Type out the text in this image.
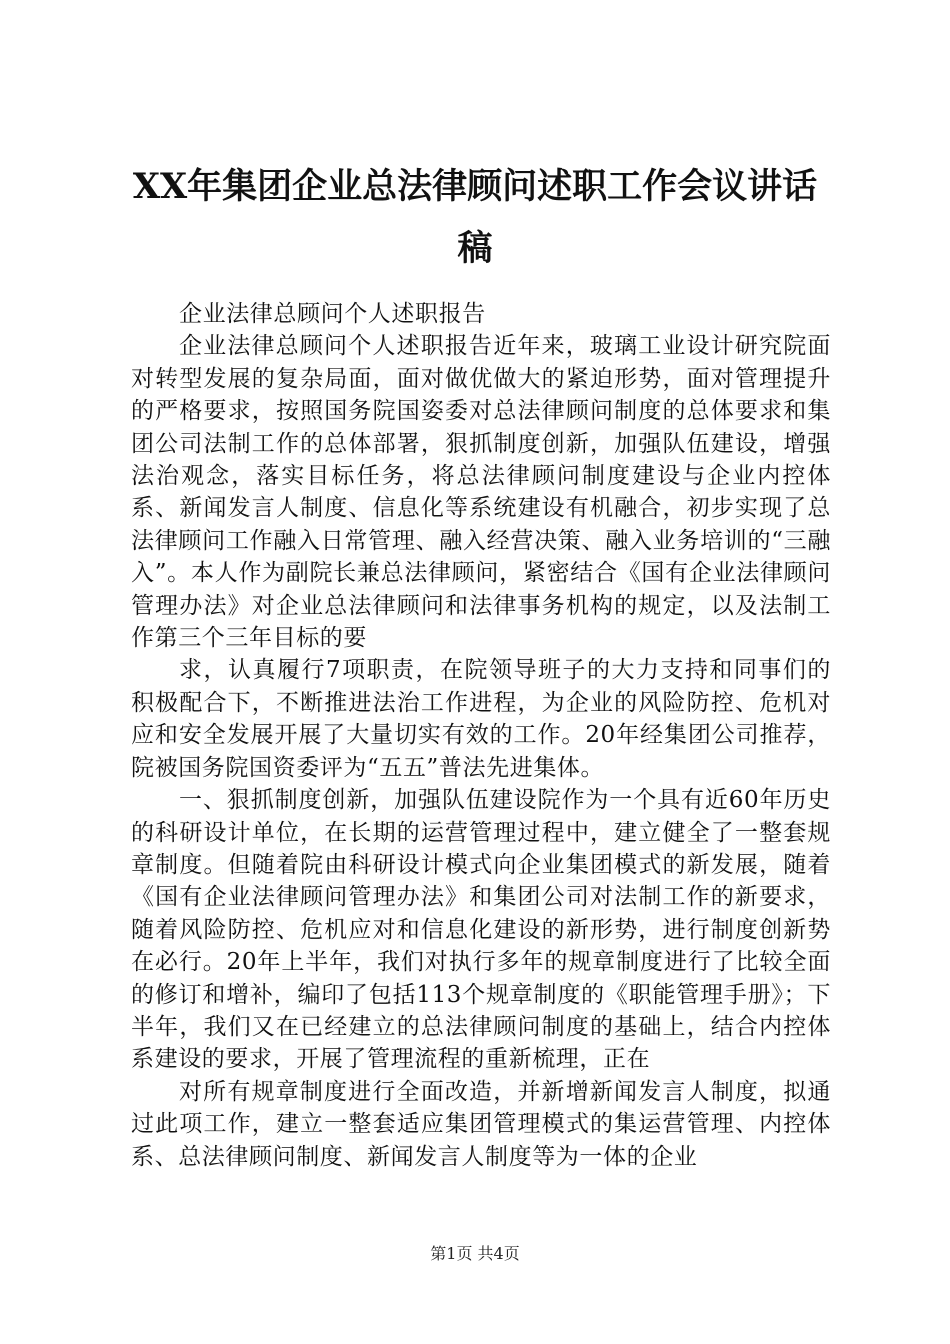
XX年集团企业总法律顾问述职工作会议讲话稿

企业法律总顾问个人述职报告

企业法律总顾问个人述职报告近年来，玻璃工业设计研究院面对转型发展的复杂局面，面对做优做大的紧迫形势，面对管理提升的严格要求，按照国务院国姿委对总法律顾问制度的总体要求和集团公司法制工作的总体部署，狠抓制度创新，加强队伍建设，增强法治观念，落实目标任务，将总法律顾问制度建设与企业内控体系、新闻发言人制度、信息化等系统建设有机融合，初步实现了总法律顾问工作融入日常管理、融入经营决策、融入业务培训的“三融入”。本人作为副院长兼总法律顾问，紧密结合《国有企业法律顾问管理办法》对企业总法律顾问和法律事务机构的规定，以及法制工作第三个三年目标的要

求，认真履行7项职责，在院领导班子的大力支持和同事们的积极配合下，不断推进法治工作进程，为企业的风险防控、危机对应和安全发展开展了大量切实有效的工作。20年经集团公司推荐，院被国务院国资委评为“五五”普法先进集体。

一、狠抓制度创新，加强队伍建设院作为一个具有近60年历史的科研设计单位，在长期的运营管理过程中，建立健全了一整套规章制度。但随着院由科研设计模式向企业集团模式的新发展，随着《国有企业法律顾问管理办法》和集团公司对法制工作的新要求，随着风险防控、危机应对和信息化建设的新形势，进行制度创新势在必行。20年上半年，我们对执行多年的规章制度进行了比较全面的修订和增补，编印了包括113个规章制度的《职能管理手册》；下半年，我们又在已经建立的总法律顾问制度的基础上，结合内控体系建设的要求，开展了管理流程的重新梳理，正在

对所有规章制度进行全面改造，并新增新闻发言人制度，拟通过此项工作，建立一整套适应集团管理模式的集运营管理、内控体系、总法律顾问制度、新闻发言人制度等为一体的企业

第1页 共4页
